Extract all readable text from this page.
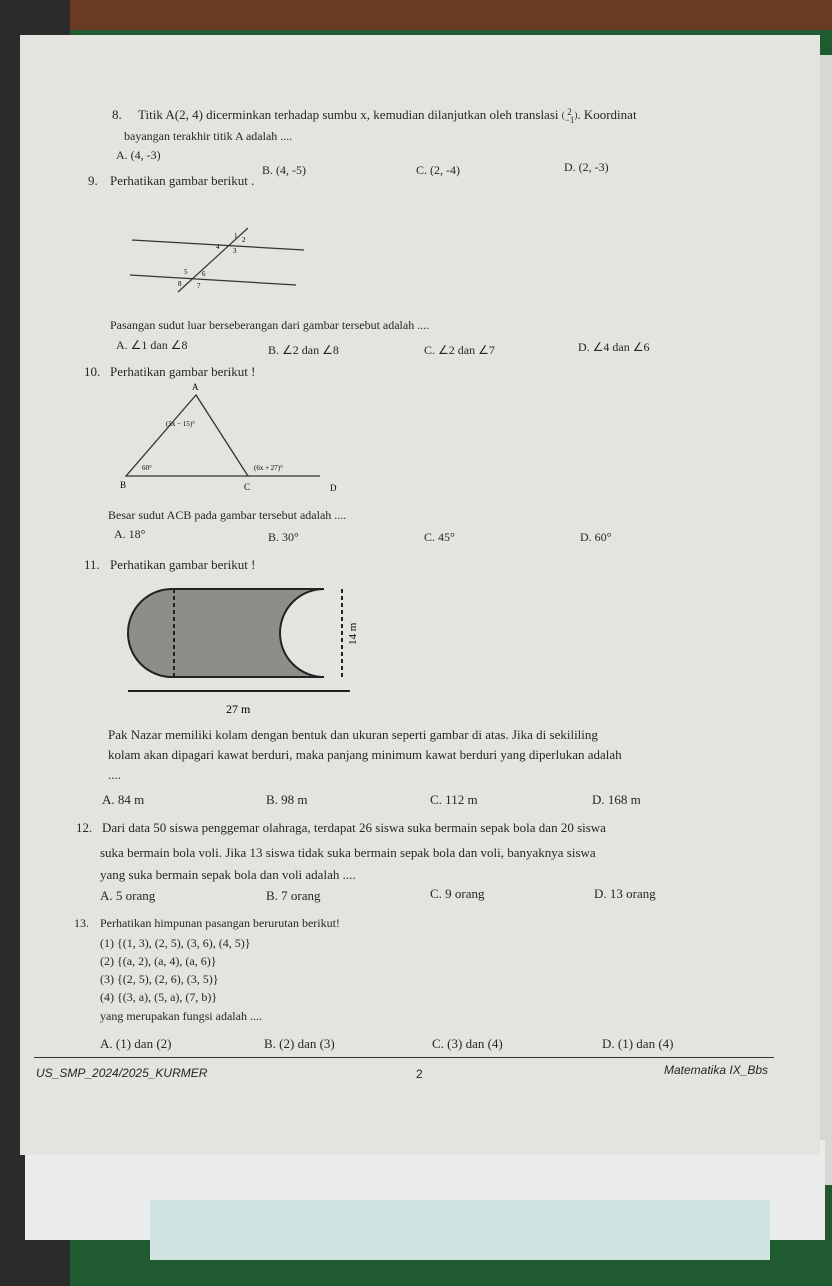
8. Titik A(2, 4) dicerminkan terhadap sumbu x, kemudian dilanjutkan oleh translasi ( 2
−1). Koordinat
bayangan terakhir titik A adalah ....
A. (4, -3)
B. (4, -5)	C. (2, -4)	D. (2, -3)
9. Perhatikan gambar berikut .
1 2
4 3
5 6
8 7
Pasangan sudut luar berseberangan dari gambar tersebut adalah ....
A. ∠1 dan ∠8	B. ∠2 dan ∠8	C. ∠2 dan ∠7	D. ∠4 dan ∠6
10. Perhatikan gambar berikut !
A
B	C	D
(5x − 15)°
60°	(6x + 27)°
Besar sudut ACB pada gambar tersebut adalah ....
A. 18°	B. 30°	C. 45°	D. 60°
11. Perhatikan gambar berikut !
27 m
14 m
Pak Nazar memiliki kolam dengan bentuk dan ukuran seperti gambar di atas. Jika di sekililing
kolam akan dipagari kawat berduri, maka panjang minimum kawat berduri yang diperlukan adalah
....
A. 84 m	B. 98 m	C. 112 m	D. 168 m
12. Dari data 50 siswa penggemar olahraga, terdapat 26 siswa suka bermain sepak bola dan 20 siswa
suka bermain bola voli. Jika 13 siswa tidak suka bermain sepak bola dan voli, banyaknya siswa
yang suka bermain sepak bola dan voli adalah ....
A. 5 orang	B. 7 orang	C. 9 orang	D. 13 orang
13. Perhatikan himpunan pasangan berurutan berikut!
(1) {(1, 3), (2, 5), (3, 6), (4, 5)}
(2) {(a, 2), (a, 4), (a, 6)}
(3) {(2, 5), (2, 6), (3, 5)}
(4) {(3, a), (5, a), (7, b)}
yang merupakan fungsi adalah ....
A. (1) dan (2)	B. (2) dan (3)	C. (3) dan (4)	D. (1) dan (4)
US_SMP_2024/2025_KURMER	2	Matematika IX_Bbs
